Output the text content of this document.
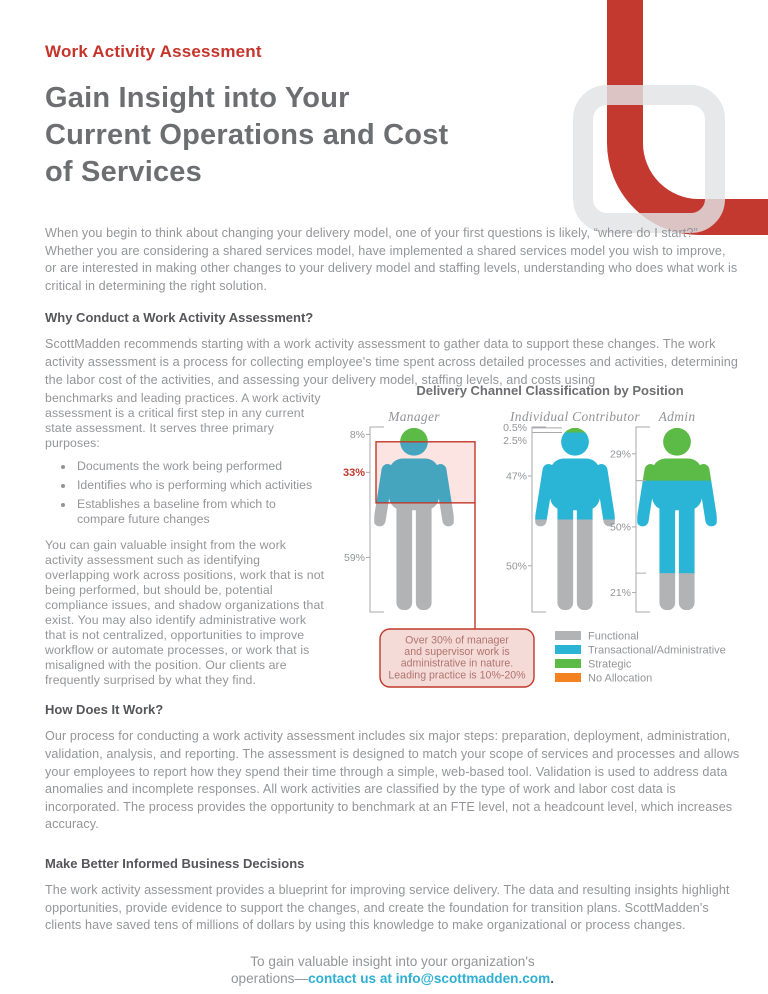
Work Activity Assessment
Gain Insight into Your
Current Operations and Cost
of Services

When you begin to think about changing your delivery model, one of your first questions is likely, “where do I start?” Whether you are considering a shared services model, have implemented a shared services model you wish to improve, or are interested in making other changes to your delivery model and staffing levels, understanding who does what work is critical in determining the right solution.

Why Conduct a Work Activity Assessment?

ScottMadden recommends starting with a work activity assessment to gather data to support these changes. The work activity assessment is a process for collecting employee's time spent across detailed processes and activities, determining the labor cost of the activities, and assessing your delivery model, staffing levels, and costs using

benchmarks and leading practices. A work activity assessment is a critical first step in any current state assessment. It serves three primary purposes:

• Documents the work being performed
• Identifies who is performing which activities
• Establishes a baseline from which to compare future changes

You can gain valuable insight from the work activity assessment such as identifying overlapping work across positions, work that is not being performed, but should be, potential compliance issues, and shadow organizations that exist. You may also identify administrative work that is not centralized, opportunities to improve workflow or automate processes, or work that is misaligned with the position. Our clients are frequently surprised by what they find.

Delivery Channel Classification by Position
Manager
8%
33%
59%
Individual Contributor
0.5%
2.5%
47%
50%
Admin
29%
50%
21%
Over 30% of manager
and supervisor work is
administrative in nature.
Leading practice is 10%-20%
Functional
Transactional/Administrative
Strategic
No Allocation
How Does It Work?

Our process for conducting a work activity assessment includes six major steps: preparation, deployment, administration, validation, analysis, and reporting. The assessment is designed to match your scope of services and processes and allows your employees to report how they spend their time through a simple, web-based tool. Validation is used to address data anomalies and incomplete responses. All work activities are classified by the type of work and labor cost data is incorporated. The process provides the opportunity to benchmark at an FTE level, not a headcount level, which increases accuracy.

Make Better Informed Business Decisions

The work activity assessment provides a blueprint for improving service delivery. The data and resulting insights highlight opportunities, provide evidence to support the changes, and create the foundation for transition plans. ScottMadden's clients have saved tens of millions of dollars by using this knowledge to make organizational or process changes.

To gain valuable insight into your organization's
operations—contact us at info@scottmadden.com.
